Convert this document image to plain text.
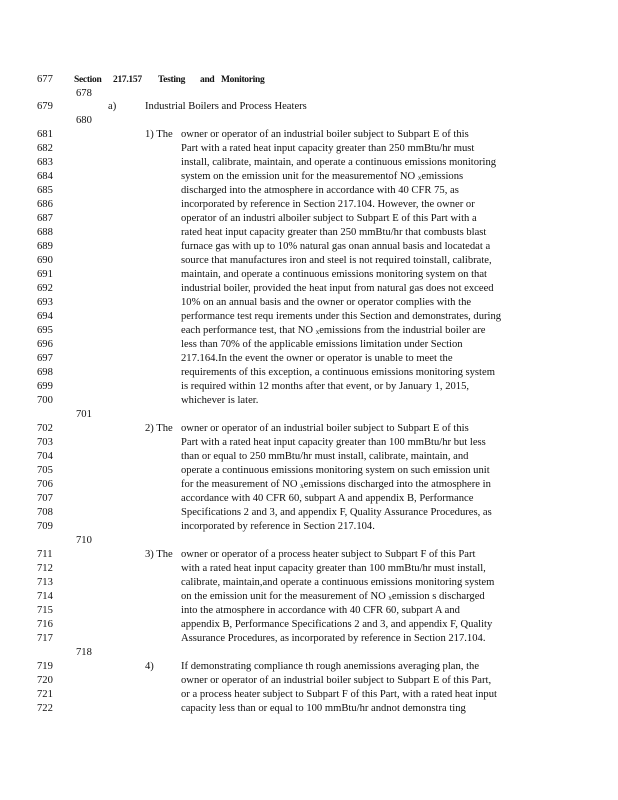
677 Section 217.157 Testing and Monitoring
678
679	a)	Industrial Boilers and Process Heaters
680
681	1) The owner or operator of an industrial boiler subject to Subpart E of this
682	Part with a rated heat input capacity greater than 250 mmBtu/hr must
683	install, calibrate, maintain, and operate a continuous emissions monitoring
684	system on the emission unit for the measurementof NO $_x$emissions
685	discharged into the atmosphere in accordance with 40 CFR 75, as
686	incorporated by reference in Section 217.104. However, the owner or
687	operator of an industri alboiler subject to Subpart E of this Part with a
688	rated heat input capacity greater than 250 mmBtu/hr that combusts blast
689	furnace gas with up to 10% natural gas onan annual basis and locatedat a
690	source that manufactures iron and steel is not required toinstall, calibrate,
691	maintain, and operate a continuous emissions monitoring system on that
692	industrial boiler, provided the heat input from natural gas does not exceed
693	10% on an annual basis and the owner or operator complies with the
694	performance test requ irements under this Section and demonstrates, during
695	each performance test, that NO $_x$emissions from the industrial boiler are
696	less than 70% of the applicable emissions limitation under Section
697	217.164.In the event the owner or operator is unable to meet the
698	requirements of this exception, a continuous emissions monitoring system
699	is required within 12 months after that event, or by January 1, 2015,
700	whichever is later.
701
702	2) The owner or operator of an industrial boiler subject to Subpart E of this
703	Part with a rated heat input capacity greater than 100 mmBtu/hr but less
704	than or equal to 250 mmBtu/hr must install, calibrate, maintain, and
705	operate a continuous emissions monitoring system on such emission unit
706	for the measurement of NO $_x$emissions discharged into the atmosphere in
707	accordance with 40 CFR 60, subpart A and appendix B, Performance
708	Specifications 2 and 3, and appendix F, Quality Assurance Procedures, as
709	incorporated by reference in Section 217.104.
710
711	3) The owner or operator of a process heater subject to Subpart F of this Part
712	with a rated heat input capacity greater than 100 mmBtu/hr must install,
713	calibrate, maintain,and operate a continuous emissions monitoring system
714	on the emission unit for the measurement of NO $_x$emission s discharged
715	into the atmosphere in accordance with 40 CFR 60, subpart A and
716	appendix B, Performance Specifications 2 and 3, and appendix F, Quality
717	Assurance Procedures, as incorporated by reference in Section 217.104.
718
719	4)	If demonstrating compliance th rough anemissions averaging plan, the
720	owner or operator of an industrial boiler subject to Subpart E of this Part,
721	or a process heater subject to Subpart F of this Part, with a rated heat input
722	capacity less than or equal to 100 mmBtu/hr andnot demonstra ting
